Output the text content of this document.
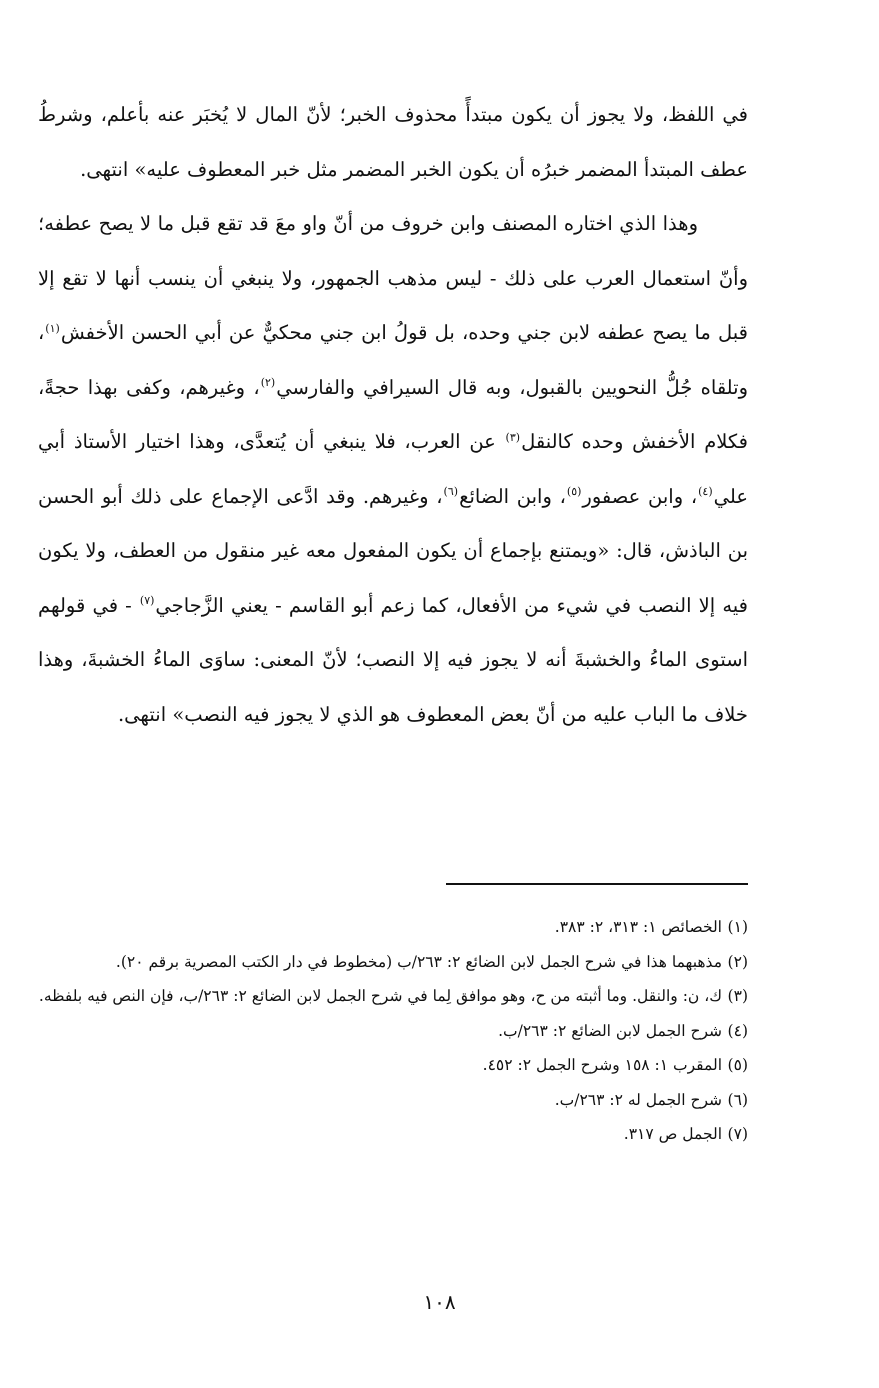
في اللفظ، ولا يجوز أن يكون مبتدأً محذوف الخبر؛ لأنّ المال لا يُخبَر عنه بأعلم، وشرطُ عطف المبتدأ المضمر خبرُه أن يكون الخبر المضمر مثل خبر المعطوف عليه» انتهى.

وهذا الذي اختاره المصنف وابن خروف من أنّ واو معَ قد تقع قبل ما لا يصح عطفه؛ وأنّ استعمال العرب على ذلك - ليس مذهب الجمهور، ولا ينبغي أن ينسب أنها لا تقع إلا قبل ما يصح عطفه لابن جني وحده، بل قولُ ابن جني محكيٌّ عن أبي الحسن الأخفش$^{(١)}$، وتلقاه جُلُّ النحويين بالقبول، وبه قال السيرافي والفارسي$^{(٢)}$، وغيرهم، وكفى بهذا حجةً، فكلام الأخفش وحده كالنقل$^{(٣)}$ عن العرب، فلا ينبغي أن يُتعدَّى، وهذا اختيار الأستاذ أبي علي$^{(٤)}$، وابن عصفور$^{(٥)}$، وابن الضائع$^{(٦)}$، وغيرهم. وقد ادَّعى الإجماع على ذلك أبو الحسن بن الباذش، قال: «ويمتنع بإجماع أن يكون المفعول معه غير منقول من العطف، ولا يكون فيه إلا النصب في شيء من الأفعال، كما زعم أبو القاسم - يعني الزَّجاجي$^{(٧)}$ - في قولهم استوى الماءُ والخشبةَ أنه لا يجوز فيه إلا النصب؛ لأنّ المعنى: ساوَى الماءُ الخشبةَ، وهذا خلاف ما الباب عليه من أنّ بعض المعطوف هو الذي لا يجوز فيه النصب» انتهى.

(١)
الخصائص ١: ٣١٣، ٢: ٣٨٣.

(٢)
مذهبهما هذا في شرح الجمل لابن الضائع ٢: ٢٦٣/ب (مخطوط في دار الكتب المصرية برقم ٢٠).

(٣)
ك، ن: والنقل. وما أثبته من ح، وهو موافق لِما في شرح الجمل لابن الضائع ٢: ٢٦٣/ب، فإن النص فيه بلفظه.

(٤)
شرح الجمل لابن الضائع ٢: ٢٦٣/ب.

(٥)
المقرب ١: ١٥٨ وشرح الجمل ٢: ٤٥٢.

(٦)
شرح الجمل له ٢: ٢٦٣/ب.

(٧)
الجمل ص ٣١٧.

١٠٨
